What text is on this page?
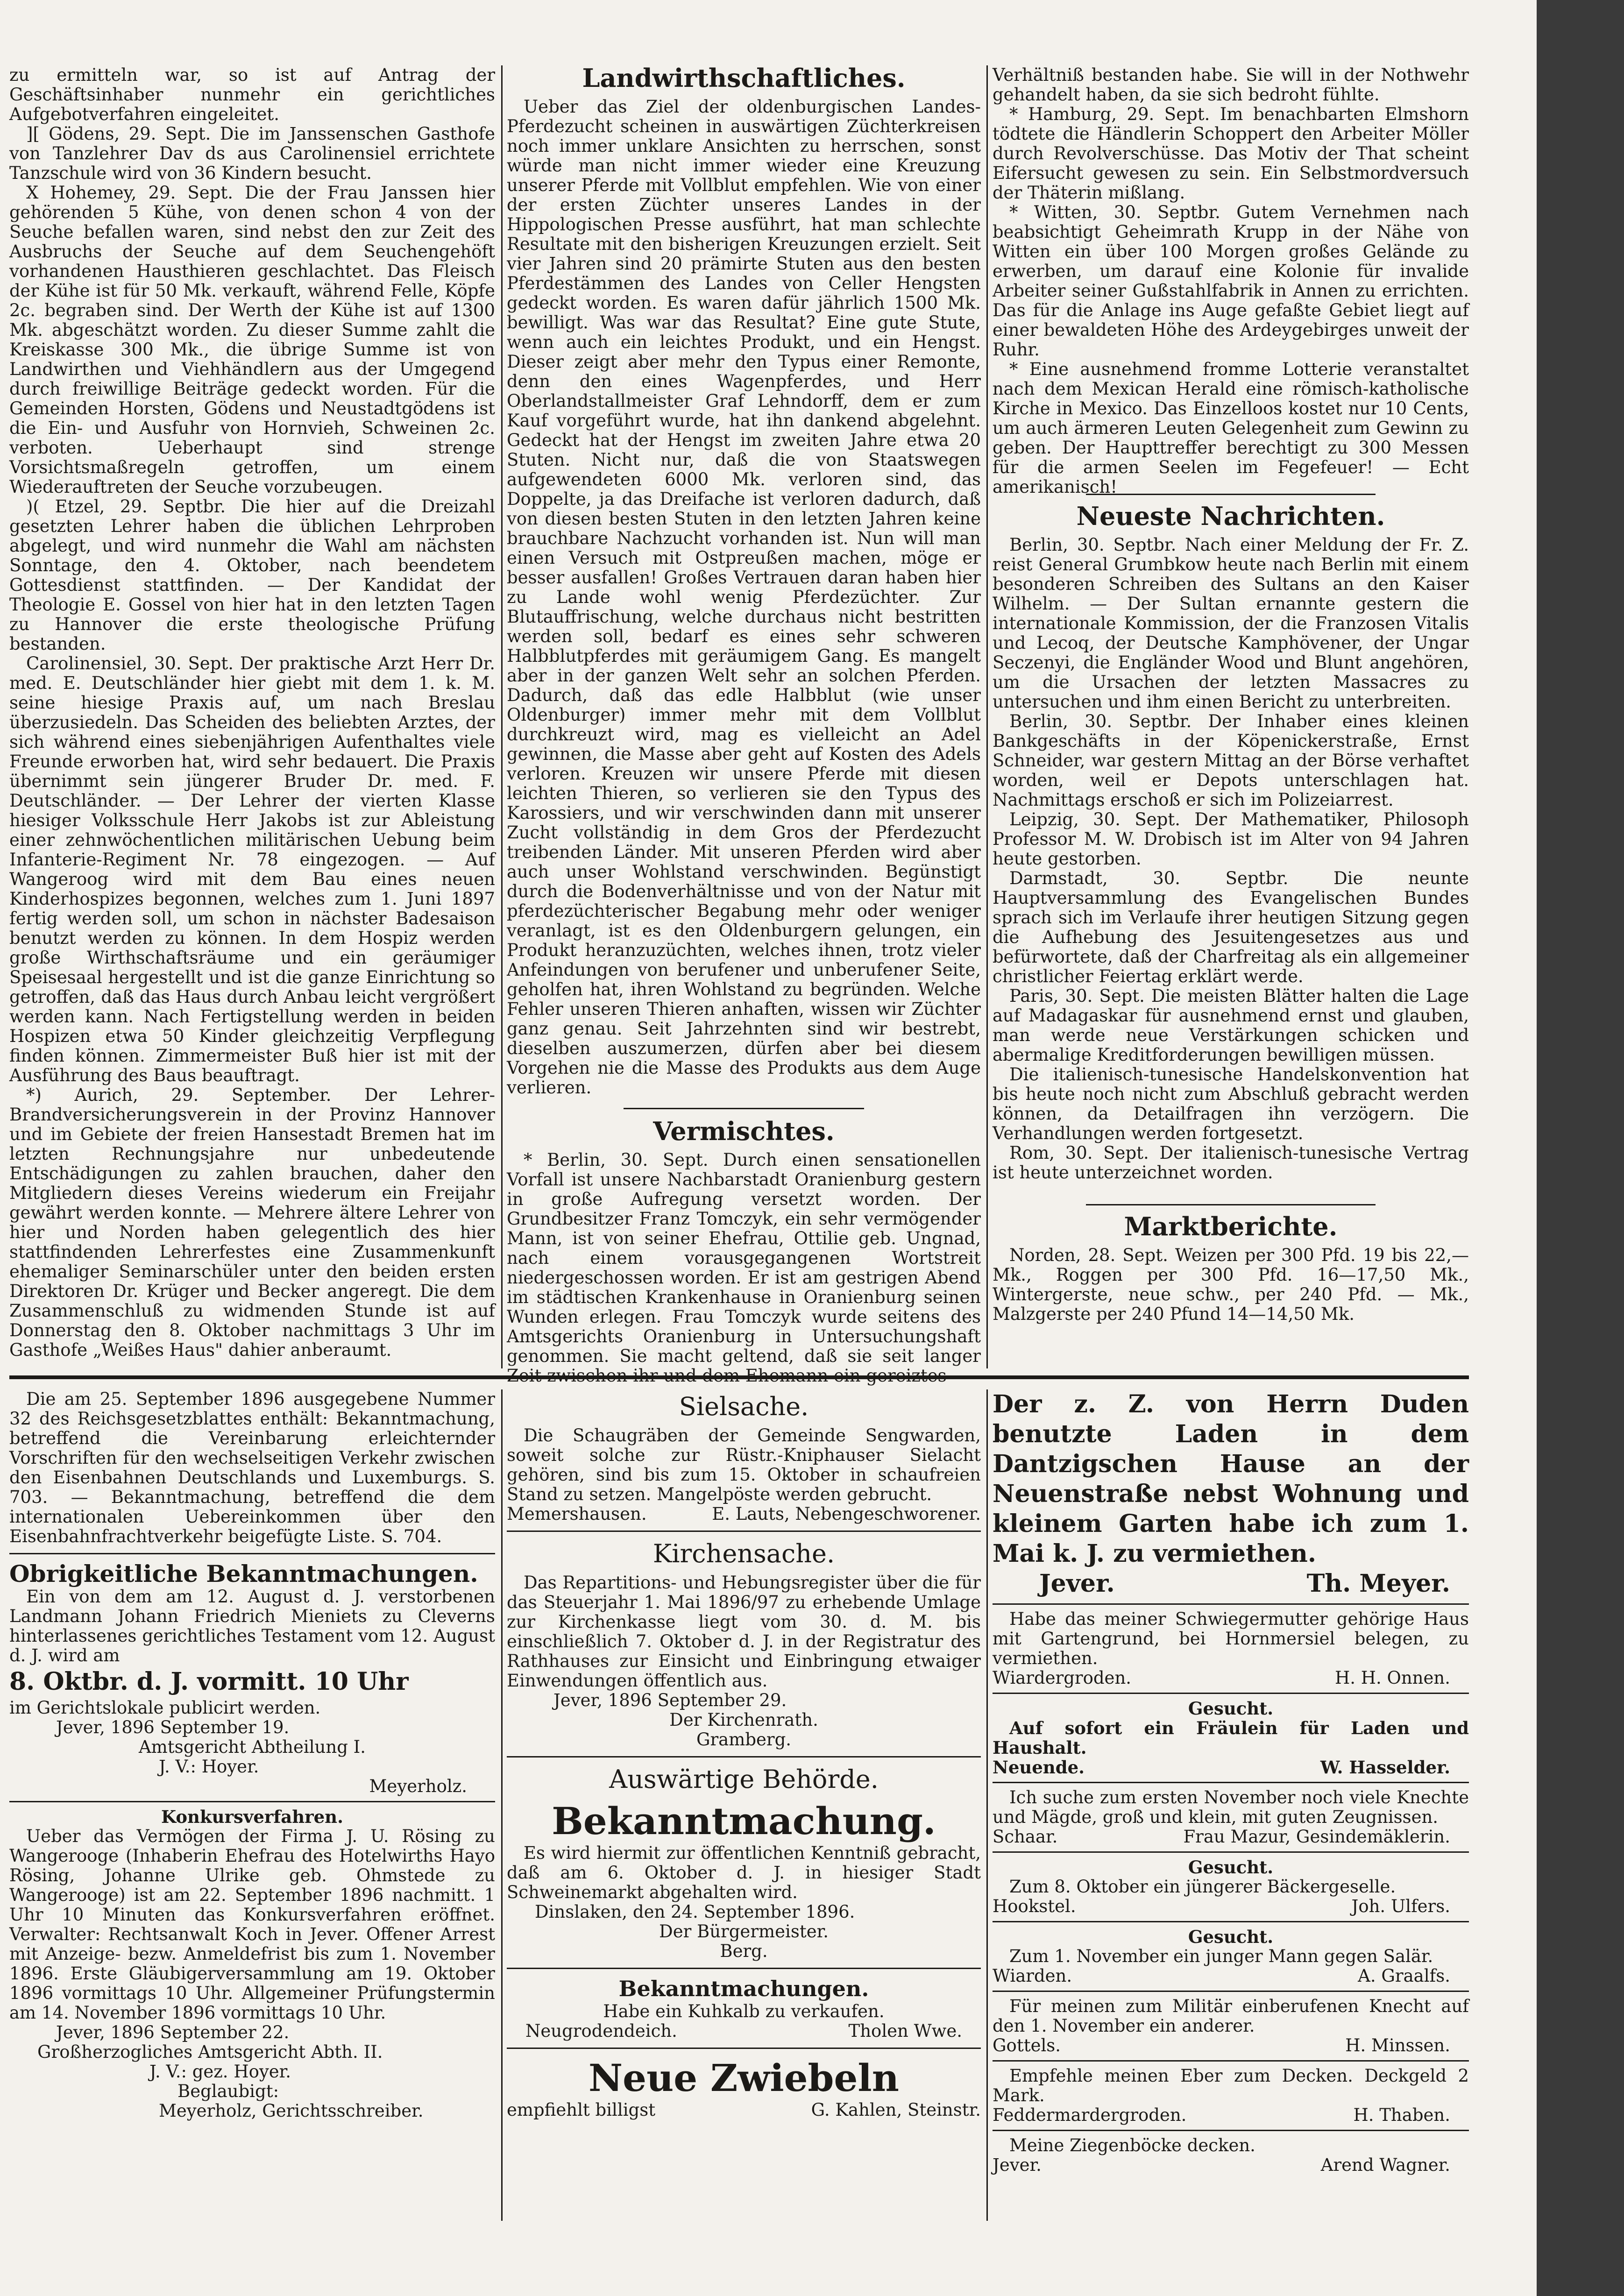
zu ermitteln war, so ist auf Antrag der Geschäftsinhaber nunmehr ein gerichtliches Aufgebotverfahren eingeleitet.

][ Gödens, 29. Sept. Die im Janssenschen Gasthofe von Tanzlehrer Dav ds aus Carolinensiel errichtete Tanzschule wird von 36 Kindern besucht.

X Hohemey, 29. Sept. Die der Frau Janssen hier gehörenden 5 Kühe, von denen schon 4 von der Seuche befallen waren, sind nebst den zur Zeit des Ausbruchs der Seuche auf dem Seuchengehöft vorhandenen Hausthieren geschlachtet. Das Fleisch der Kühe ist für 50 Mk. verkauft, während Felle, Köpfe 2c. begraben sind. Der Werth der Kühe ist auf 1300 Mk. abgeschätzt worden. Zu dieser Summe zahlt die Kreiskasse 300 Mk., die übrige Summe ist von Landwirthen und Viehhändlern aus der Umgegend durch freiwillige Beiträge gedeckt worden. Für die Gemeinden Horsten, Gödens und Neustadtgödens ist die Ein- und Ausfuhr von Hornvieh, Schweinen 2c. verboten. Ueberhaupt sind strenge Vorsichtsmaßregeln getroffen, um einem Wiederauftreten der Seuche vorzubeugen.

)( Etzel, 29. Septbr. Die hier auf die Dreizahl gesetzten Lehrer haben die üblichen Lehrproben abgelegt, und wird nunmehr die Wahl am nächsten Sonntage, den 4. Oktober, nach beendetem Gottesdienst stattfinden. — Der Kandidat der Theologie E. Gossel von hier hat in den letzten Tagen zu Hannover die erste theologische Prüfung bestanden.

Carolinensiel, 30. Sept. Der praktische Arzt Herr Dr. med. E. Deutschländer hier giebt mit dem 1. k. M. seine hiesige Praxis auf, um nach Breslau überzusiedeln. Das Scheiden des beliebten Arztes, der sich während eines siebenjährigen Aufenthaltes viele Freunde erworben hat, wird sehr bedauert. Die Praxis übernimmt sein jüngerer Bruder Dr. med. F. Deutschländer. — Der Lehrer der vierten Klasse hiesiger Volksschule Herr Jakobs ist zur Ableistung einer zehnwöchentlichen militärischen Uebung beim Infanterie-Regiment Nr. 78 eingezogen. — Auf Wangeroog wird mit dem Bau eines neuen Kinderhospizes begonnen, welches zum 1. Juni 1897 fertig werden soll, um schon in nächster Badesaison benutzt werden zu können. In dem Hospiz werden große Wirthschaftsräume und ein geräumiger Speisesaal hergestellt und ist die ganze Einrichtung so getroffen, daß das Haus durch Anbau leicht vergrößert werden kann. Nach Fertigstellung werden in beiden Hospizen etwa 50 Kinder gleichzeitig Verpflegung finden können. Zimmermeister Buß hier ist mit der Ausführung des Baus beauftragt.

*) Aurich, 29. September. Der Lehrer-Brandversicherungsverein in der Provinz Hannover und im Gebiete der freien Hansestadt Bremen hat im letzten Rechnungsjahre nur unbedeutende Entschädigungen zu zahlen brauchen, daher den Mitgliedern dieses Vereins wiederum ein Freijahr gewährt werden konnte. — Mehrere ältere Lehrer von hier und Norden haben gelegentlich des hier stattfindenden Lehrerfestes eine Zusammenkunft ehemaliger Seminarschüler unter den beiden ersten Direktoren Dr. Krüger und Becker angeregt. Die dem Zusammenschluß zu widmenden Stunde ist auf Donnerstag den 8. Oktober nachmittags 3 Uhr im Gasthofe „Weißes Haus" dahier anberaumt.

Landwirthschaftliches.

Ueber das Ziel der oldenburgischen Landes-Pferdezucht scheinen in auswärtigen Züchterkreisen noch immer unklare Ansichten zu herrschen, sonst würde man nicht immer wieder eine Kreuzung unserer Pferde mit Vollblut empfehlen. Wie von einer der ersten Züchter unseres Landes in der Hippologischen Presse ausführt, hat man schlechte Resultate mit den bisherigen Kreuzungen erzielt. Seit vier Jahren sind 20 prämirte Stuten aus den besten Pferdestämmen des Landes von Celler Hengsten gedeckt worden. Es waren dafür jährlich 1500 Mk. bewilligt. Was war das Resultat? Eine gute Stute, wenn auch ein leichtes Produkt, und ein Hengst. Dieser zeigt aber mehr den Typus einer Remonte, denn den eines Wagenpferdes, und Herr Oberlandstallmeister Graf Lehndorff, dem er zum Kauf vorgeführt wurde, hat ihn dankend abgelehnt. Gedeckt hat der Hengst im zweiten Jahre etwa 20 Stuten. Nicht nur, daß die von Staatswegen aufgewendeten 6000 Mk. verloren sind, das Doppelte, ja das Dreifache ist verloren dadurch, daß von diesen besten Stuten in den letzten Jahren keine brauchbare Nachzucht vorhanden ist. Nun will man einen Versuch mit Ostpreußen machen, möge er besser ausfallen! Großes Vertrauen daran haben hier zu Lande wohl wenig Pferdezüchter. Zur Blutauffrischung, welche durchaus nicht bestritten werden soll, bedarf es eines sehr schweren Halbblutpferdes mit geräumigem Gang. Es mangelt aber in der ganzen Welt sehr an solchen Pferden. Dadurch, daß das edle Halbblut (wie unser Oldenburger) immer mehr mit dem Vollblut durchkreuzt wird, mag es vielleicht an Adel gewinnen, die Masse aber geht auf Kosten des Adels verloren. Kreuzen wir unsere Pferde mit diesen leichten Thieren, so verlieren sie den Typus des Karossiers, und wir verschwinden dann mit unserer Zucht vollständig in dem Gros der Pferdezucht treibenden Länder. Mit unseren Pferden wird aber auch unser Wohlstand verschwinden. Begünstigt durch die Bodenverhältnisse und von der Natur mit pferdezüchterischer Begabung mehr oder weniger veranlagt, ist es den Oldenburgern gelungen, ein Produkt heranzuzüchten, welches ihnen, trotz vieler Anfeindungen von berufener und unberufener Seite, geholfen hat, ihren Wohlstand zu begründen. Welche Fehler unseren Thieren anhaften, wissen wir Züchter ganz genau. Seit Jahrzehnten sind wir bestrebt, dieselben auszumerzen, dürfen aber bei diesem Vorgehen nie die Masse des Produkts aus dem Auge verlieren.

Vermischtes.

* Berlin, 30. Sept. Durch einen sensationellen Vorfall ist unsere Nachbarstadt Oranienburg gestern in große Aufregung versetzt worden. Der Grundbesitzer Franz Tomczyk, ein sehr vermögender Mann, ist von seiner Ehefrau, Ottilie geb. Ungnad, nach einem vorausgegangenen Wortstreit niedergeschossen worden. Er ist am gestrigen Abend im städtischen Krankenhause in Oranienburg seinen Wunden erlegen. Frau Tomczyk wurde seitens des Amtsgerichts Oranienburg in Untersuchungshaft genommen. Sie macht geltend, daß sie seit langer

Verhältniß bestanden habe. Sie will in der Nothwehr gehandelt haben, da sie sich bedroht fühlte.

* Hamburg, 29. Sept. Im benachbarten Elmshorn tödtete die Händlerin Schoppert den Arbeiter Möller durch Revolverschüsse. Das Motiv der That scheint Eifersucht gewesen zu sein. Ein Selbstmordversuch der Thäterin mißlang.

* Witten, 30. Septbr. Gutem Vernehmen nach beabsichtigt Geheimrath Krupp in der Nähe von Witten ein über 100 Morgen großes Gelände zu erwerben, um darauf eine Kolonie für invalide Arbeiter seiner Gußstahlfabrik in Annen zu errichten. Das für die Anlage ins Auge gefaßte Gebiet liegt auf einer bewaldeten Höhe des Ardeygebirges unweit der Ruhr.

* Eine ausnehmend fromme Lotterie veranstaltet nach dem Mexican Herald eine römisch-katholische Kirche in Mexico. Das Einzelloos kostet nur 10 Cents, um auch ärmeren Leuten Gelegenheit zum Gewinn zu geben. Der Haupttreffer berechtigt zu 300 Messen für die armen Seelen im Fegefeuer! — Echt amerikanisch!

Neueste Nachrichten.

Berlin, 30. Septbr. Nach einer Meldung der Fr. Z. reist General Grumbkow heute nach Berlin mit einem besonderen Schreiben des Sultans an den Kaiser Wilhelm. — Der Sultan ernannte gestern die internationale Kommission, der die Franzosen Vitalis und Lecoq, der Deutsche Kamphövener, der Ungar Seczenyi, die Engländer Wood und Blunt angehören, um die Ursachen der letzten Massacres zu untersuchen und ihm einen Bericht zu unterbreiten.

Berlin, 30. Septbr. Der Inhaber eines kleinen Bankgeschäfts in der Köpenickerstraße, Ernst Schneider, war gestern Mittag an der Börse verhaftet worden, weil er Depots unterschlagen hat. Nachmittags erschoß er sich im Polizeiarrest.

Leipzig, 30. Sept. Der Mathematiker, Philosoph Professor M. W. Drobisch ist im Alter von 94 Jahren heute gestorben.

Darmstadt, 30. Septbr. Die neunte Hauptversammlung des Evangelischen Bundes sprach sich im Verlaufe ihrer heutigen Sitzung gegen die Aufhebung des Jesuitengesetzes aus und befürwortete, daß der Charfreitag als ein allgemeiner christlicher Feiertag erklärt werde.

Paris, 30. Sept. Die meisten Blätter halten die Lage auf Madagaskar für ausnehmend ernst und glauben, man werde neue Verstärkungen schicken und abermalige Kreditforderungen bewilligen müssen.

Die italienisch-tunesische Handelskonvention hat bis heute noch nicht zum Abschluß gebracht werden können, da Detailfragen ihn verzögern. Die Verhandlungen werden fortgesetzt.

Rom, 30. Sept. Der italienisch-tunesische Vertrag ist heute unterzeichnet worden.

Marktberichte.

Norden, 28. Sept. Weizen per 300 Pfd. 19 bis 22,— Mk., Roggen per 300 Pfd. 16—17,50 Mk., Wintergerste, neue schw., per 240 Pfd. — Mk., Malzgerste per 240 Pfund 14—14,50 Mk.

Die am 25. September 1896 ausgegebene Nummer 32 des Reichsgesetzblattes enthält: Bekanntmachung, betreffend die Vereinbarung erleichternder Vorschriften für den wechselseitigen Verkehr zwischen den Eisenbahnen Deutschlands und Luxemburgs. S. 703. — Bekanntmachung, betreffend die dem internationalen Uebereinkommen über den Eisenbahnfrachtverkehr beigefügte Liste. S. 704.
Obrigkeitliche Bekanntmachungen.
Ein von dem am 12. August d. J. verstorbenen Landmann Johann Friedrich Mieniets zu Cleverns hinterlassenes gerichtliches Testament vom 12. August d. J. wird am
8. Oktbr. d. J. vormitt. 10 Uhr
im Gerichtslokale publicirt werden.
Jever, 1896 September 19.
Amtsgericht Abtheilung I.
J. V.: Hoyer.
Meyerholz.
Konkursverfahren.
Ueber das Vermögen der Firma J. U. Rösing zu Wangerooge (Inhaberin Ehefrau des Hotelwirths Hayo Rösing, Johanne Ulrike geb. Ohmstede zu Wangerooge) ist am 22. September 1896 nachmitt. 1 Uhr 10 Minuten das Konkursverfahren eröffnet. Verwalter: Rechtsanwalt Koch in Jever. Offener Arrest mit Anzeige- bezw. Anmeldefrist bis zum 1. November 1896. Erste Gläubigerversammlung am 19. Oktober 1896 vormittags 10 Uhr. Allgemeiner Prüfungstermin am 14. November 1896 vormittags 10 Uhr.
Jever, 1896 September 22.
Großherzogliches Amtsgericht Abth. II.
J. V.: gez. Hoyer.
Beglaubigt:
Meyerholz, Gerichtsschreiber.
Sielsache.
Die Schaugräben der Gemeinde Sengwarden, soweit solche zur Rüstr.-Kniphauser Sielacht gehören, sind bis zum 15. Oktober in schaufreien Stand zu setzen. Mangelpöste werden gebrucht.
Memershausen.	E. Lauts, Nebengeschworener.
Kirchensache.
Das Repartitions- und Hebungsregister über die für das Steuerjahr 1. Mai 1896/97 zu erhebende Umlage zur Kirchenkasse liegt vom 30. d. M. bis einschließlich 7. Oktober d. J. in der Registratur des Rathhauses zur Einsicht und Einbringung etwaiger Einwendungen öffentlich aus.
Jever, 1896 September 29.
Der Kirchenrath.
Gramberg.
Auswärtige Behörde.
Bekanntmachung.
Es wird hiermit zur öffentlichen Kenntniß gebracht, daß am 6. Oktober d. J. in hiesiger Stadt Schweinemarkt abgehalten wird.
Dinslaken, den 24. September 1896.
Der Bürgermeister.
Berg.
Bekanntmachungen.
Habe ein Kuhkalb zu verkaufen.
Neugrodendeich.	Tholen Wwe.
Neue Zwiebeln
empfiehlt billigst	G. Kahlen, Steinstr.
Der z. Z. von Herrn Duden benutzte Laden in dem Dantzigschen Hause an der Neuenstraße nebst Wohnung und kleinem Garten habe ich zum 1. Mai k. J. zu vermiethen.
Jever.	Th. Meyer.
Habe das meiner Schwiegermutter gehörige Haus mit Gartengrund, bei Hornmersiel belegen, zu vermiethen.
Wiardergroden.	H. H. Onnen.
Gesucht.
Auf sofort ein Fräulein für Laden und Haushalt.
Neuende.	W. Hasselder.
Ich suche zum ersten November noch viele Knechte und Mägde, groß und klein, mit guten Zeugnissen.
Schaar.	Frau Mazur, Gesindemäklerin.
Gesucht.
Zum 8. Oktober ein jüngerer Bäckergeselle.
Hookstel.	Joh. Ulfers.
Gesucht.
Zum 1. November ein junger Mann gegen Salär.
Wiarden.	A. Graalfs.
Für meinen zum Militär einberufenen Knecht auf den 1. November ein anderer.
Gottels.	H. Minssen.
Empfehle meinen Eber zum Decken. Deckgeld 2 Mark.
Feddermardergroden.	H. Thaben.
Meine Ziegenböcke decken.
Jever.	Arend Wagner.
